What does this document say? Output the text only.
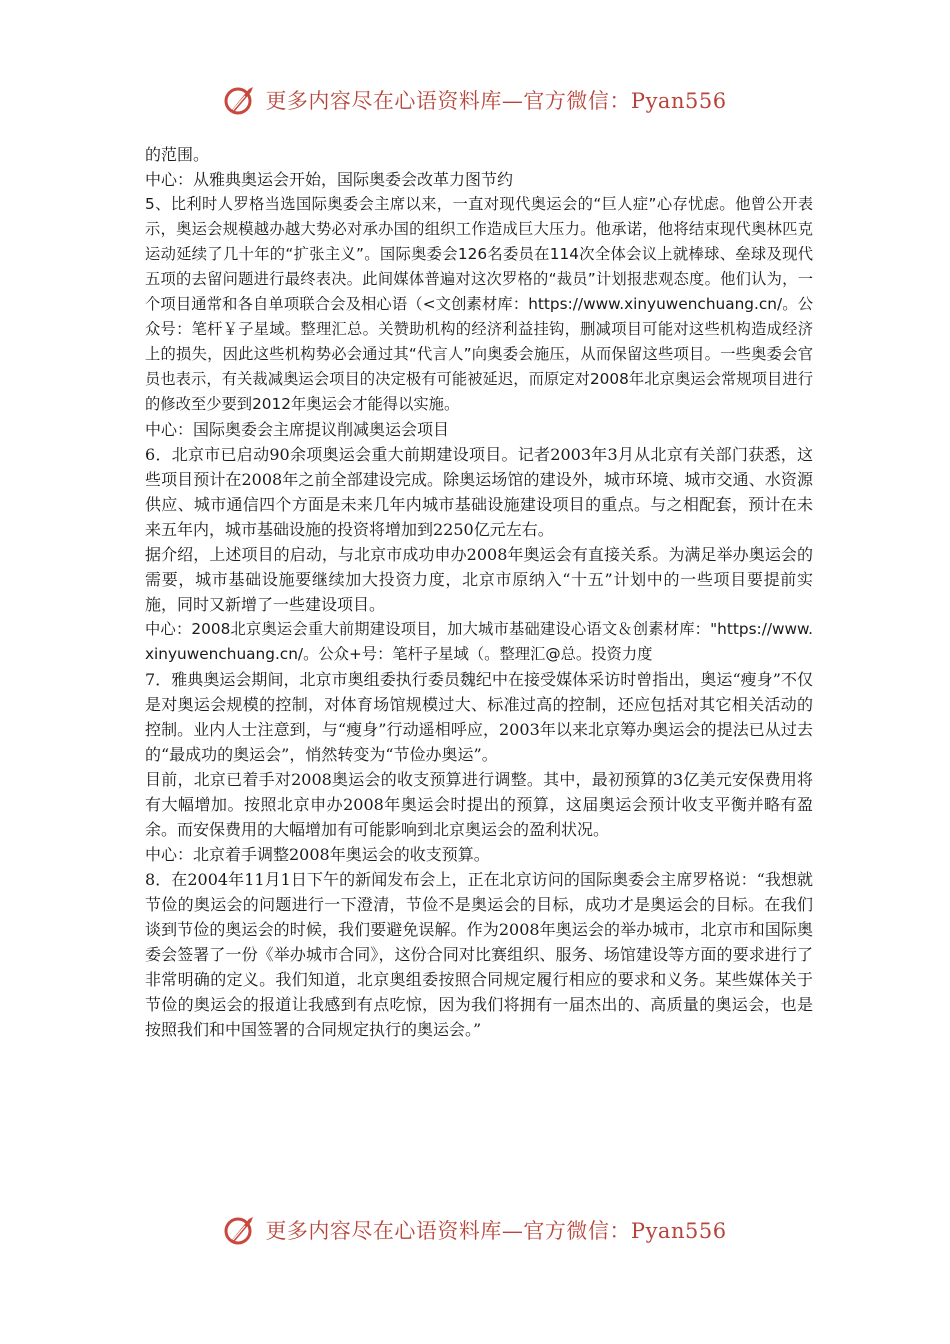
更多内容尽在心语资料库—官方微信：Pyan556

的范围。

中心：从雅典奥运会开始，国际奥委会改革力图节约

5、比利时人罗格当选国际奥委会主席以来，一直对现代奥运会的“巨人症”心存忧虑。他曾公开表示，奥运会规模越办越大势必对承办国的组织工作造成巨大压力。他承诺，他将结束现代奥林匹克运动延续了几十年的“扩张主义”。国际奥委会126名委员在114次全体会议上就棒球、垒球及现代五项的去留问题进行最终表决。此间媒体普遍对这次罗格的“裁员”计划报悲观态度。他们认为，一个项目通常和各自单项联合会及相心语（<文创素材库：https://www.xinyuwenchuang.cn/。公众号：笔杆￥子星域。整理汇总。关赞助机构的经济利益挂钩，删减项目可能对这些机构造成经济上的损失，因此这些机构势必会通过其“代言人”向奥委会施压，从而保留这些项目。一些奥委会官员也表示，有关裁减奥运会项目的决定极有可能被延迟，而原定对2008年北京奥运会常规项目进行的修改至少要到2012年奥运会才能得以实施。

中心：国际奥委会主席提议削减奥运会项目

6．北京市已启动90余项奥运会重大前期建设项目。记者2003年3月从北京有关部门获悉，这些项目预计在2008年之前全部建设完成。除奥运场馆的建设外，城市环境、城市交通、水资源供应、城市通信四个方面是未来几年内城市基础设施建设项目的重点。与之相配套，预计在未来五年内，城市基础设施的投资将增加到2250亿元左右。

据介绍，上述项目的启动，与北京市成功申办2008年奥运会有直接关系。为满足举办奥运会的需要，城市基础设施要继续加大投资力度，北京市原纳入“十五”计划中的一些项目要提前实施，同时又新增了一些建设项目。

中心：2008北京奥运会重大前期建设项目，加大城市基础建设心语文＆创素材库："https://www.xinyuwenchuang.cn/。公众+号：笔杆子星域（。整理汇@总。投资力度

7．雅典奥运会期间，北京市奥组委执行委员魏纪中在接受媒体采访时曾指出，奥运“瘦身”不仅是对奥运会规模的控制，对体育场馆规模过大、标准过高的控制，还应包括对其它相关活动的控制。业内人士注意到，与“瘦身”行动遥相呼应，2003年以来北京筹办奥运会的提法已从过去的“最成功的奥运会”，悄然转变为“节俭办奥运”。

目前，北京已着手对2008奥运会的收支预算进行调整。其中，最初预算的3亿美元安保费用将有大幅增加。按照北京申办2008年奥运会时提出的预算，这届奥运会预计收支平衡并略有盈余。而安保费用的大幅增加有可能影响到北京奥运会的盈利状况。

中心：北京着手调整2008年奥运会的收支预算。

8．在2004年11月1日下午的新闻发布会上，正在北京访问的国际奥委会主席罗格说：“我想就节俭的奥运会的问题进行一下澄清，节俭不是奥运会的目标，成功才是奥运会的目标。在我们谈到节俭的奥运会的时候，我们要避免误解。作为2008年奥运会的举办城市，北京市和国际奥委会签署了一份《举办城市合同》，这份合同对比赛组织、服务、场馆建设等方面的要求进行了非常明确的定义。我们知道，北京奥组委按照合同规定履行相应的要求和义务。某些媒体关于节俭的奥运会的报道让我感到有点吃惊，因为我们将拥有一届杰出的、高质量的奥运会，也是按照我们和中国签署的合同规定执行的奥运会。”

更多内容尽在心语资料库—官方微信：Pyan556
